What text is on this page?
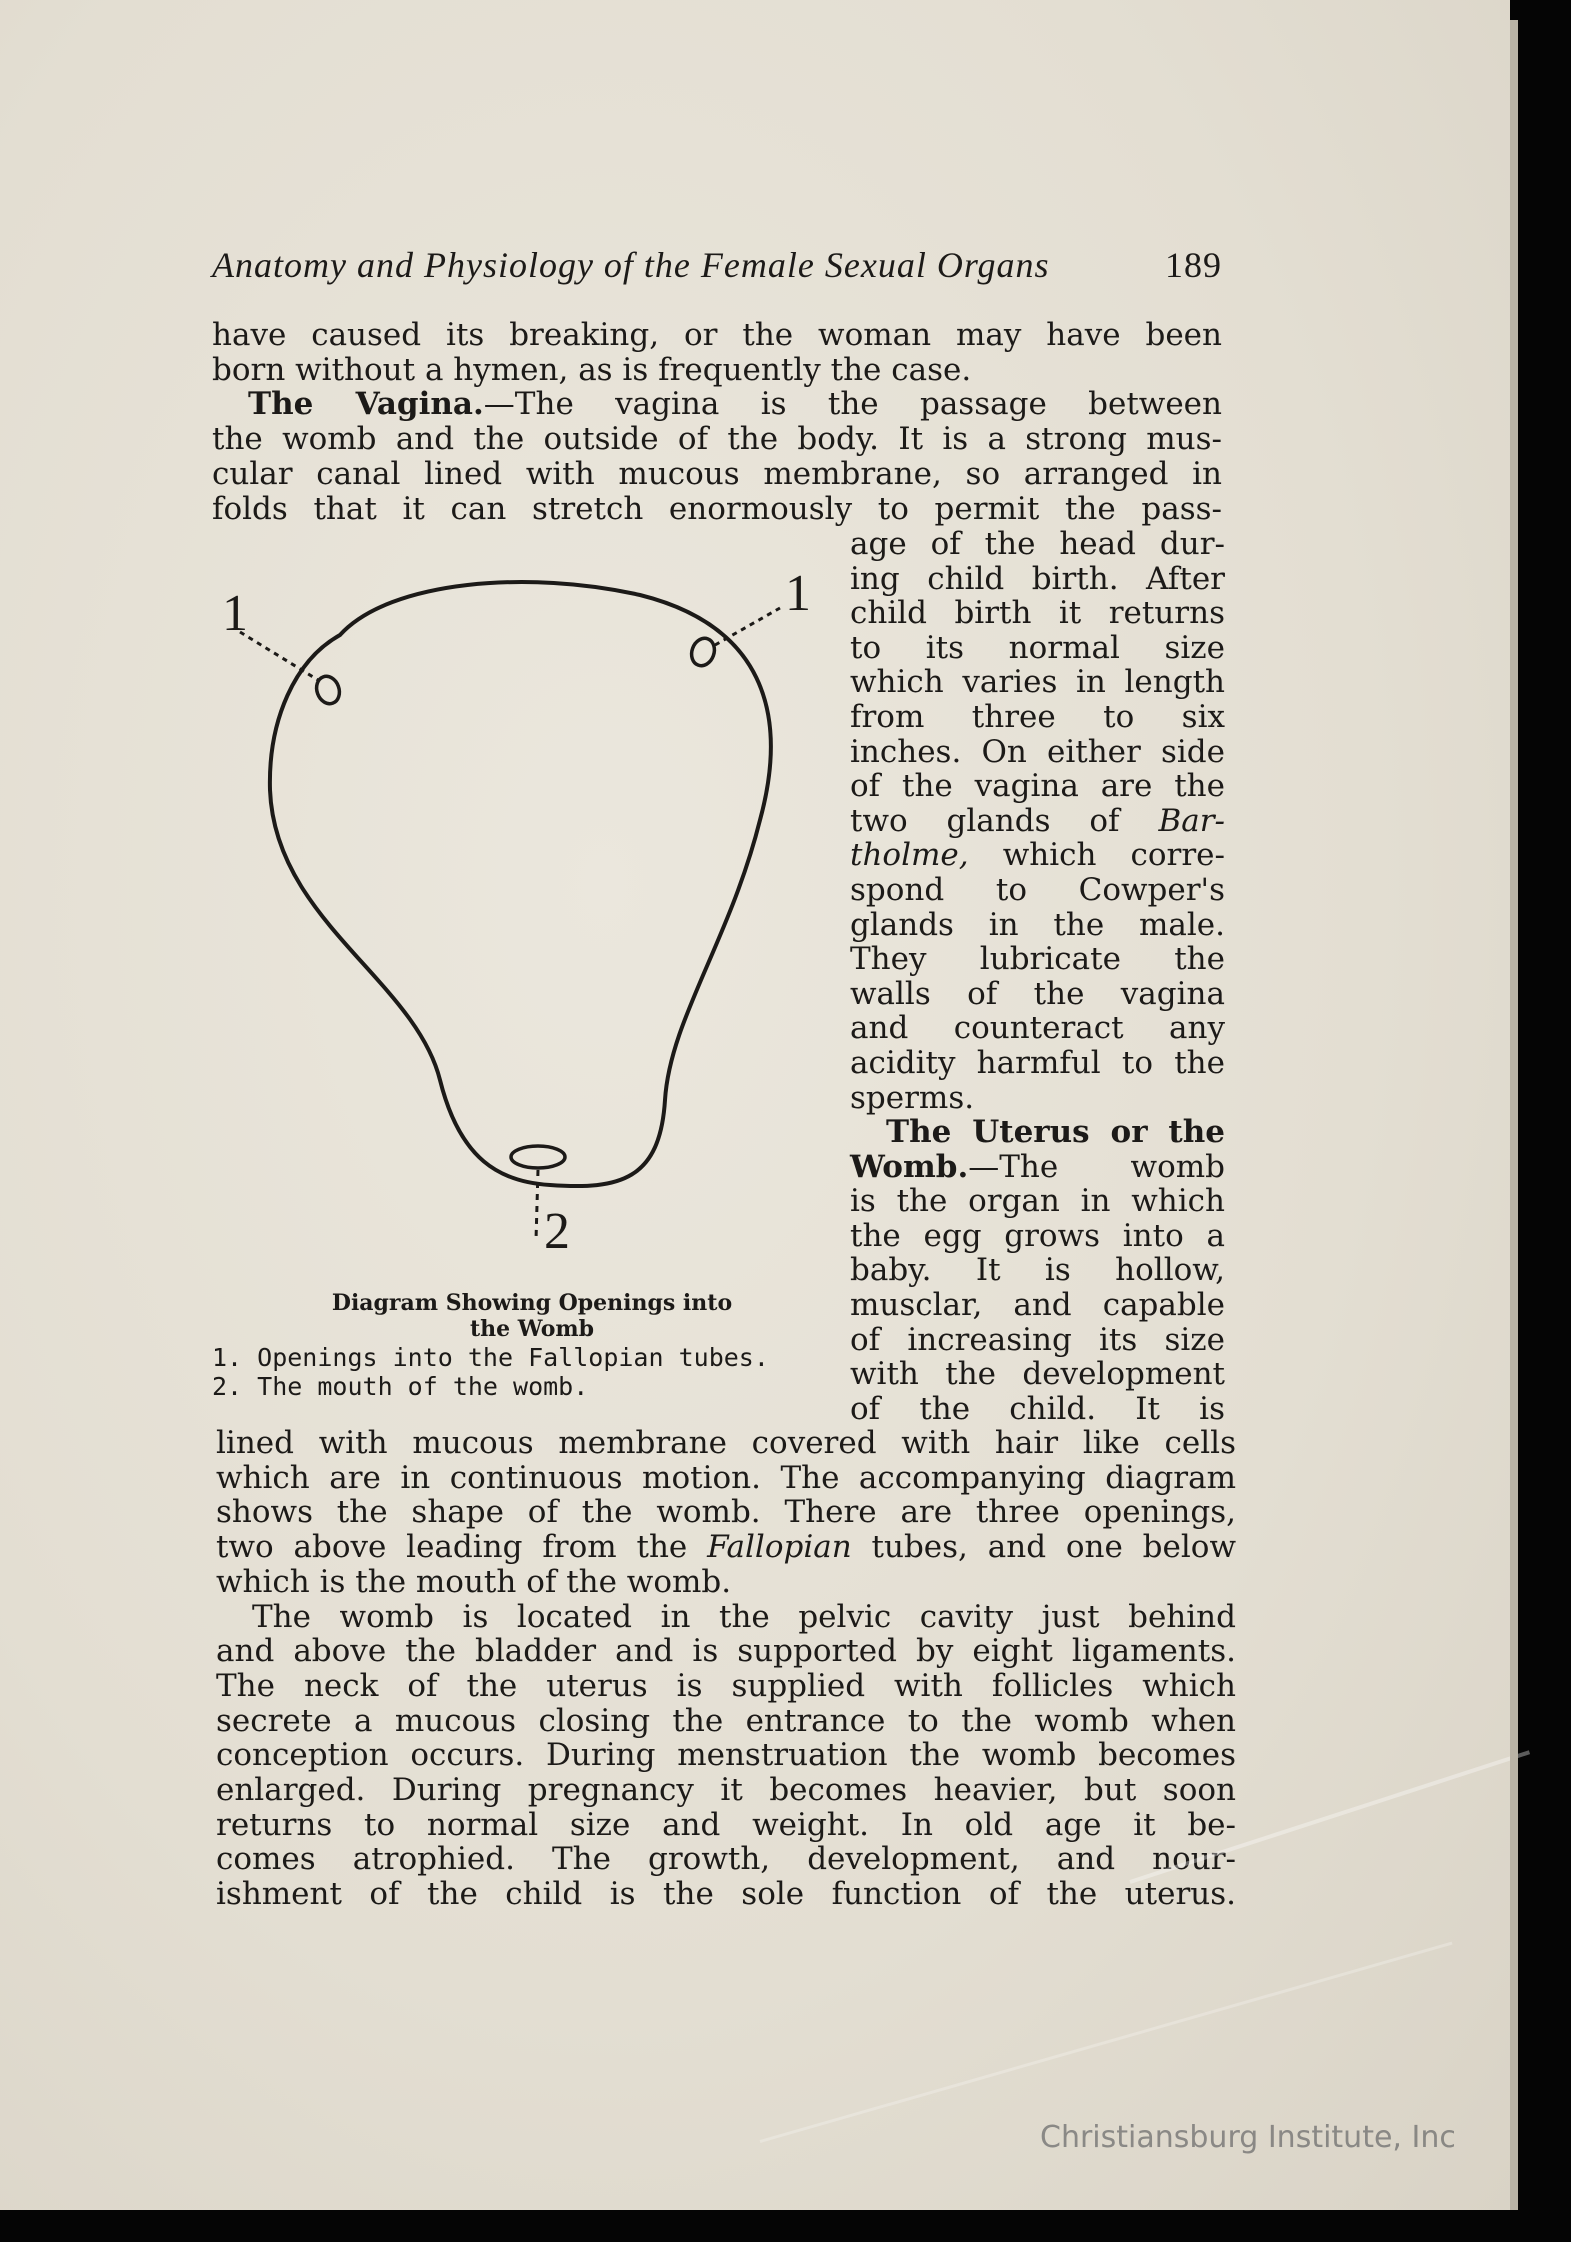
Anatomy and Physiology of the Female Sexual Organs	189
have caused its breaking, or the woman may have been
born without a hymen, as is frequently the case.
The Vagina.—The vagina is the passage between
the womb and the outside of the body. It is a strong mus-
cular canal lined with mucous membrane, so arranged in
folds that it can stretch enormously to permit the pass-
age of the head dur-
ing child birth. After
child birth it returns
to its normal size
which varies in length
from three to six
inches. On either side
of the vagina are the
two glands of Bar-
tholme, which corre-
spond to Cowper's
glands in the male.
They lubricate the
walls of the vagina
and counteract any
acidity harmful to the
sperms.
The Uterus or the
Womb.—The womb
is the organ in which
the egg grows into a
baby. It is hollow,
musclar, and capable
of increasing its size
with the development
of the child. It is
lined with mucous membrane covered with hair like cells
which are in continuous motion. The accompanying diagram
shows the shape of the womb. There are three openings,
two above leading from the Fallopian tubes, and one below
which is the mouth of the womb.
The womb is located in the pelvic cavity just behind
and above the bladder and is supported by eight ligaments.
The neck of the uterus is supplied with follicles which
secrete a mucous closing the entrance to the womb when
conception occurs. During menstruation the womb becomes
enlarged. During pregnancy it becomes heavier, but soon
returns to normal size and weight. In old age it be-
comes atrophied. The growth, development, and nour-
ishment of the child is the sole function of the uterus.
1	1
2
Diagram Showing Openings into
the Womb
1. Openings into the Fallopian tubes.
2. The mouth of the womb.
Christiansburg Institute, Inc
